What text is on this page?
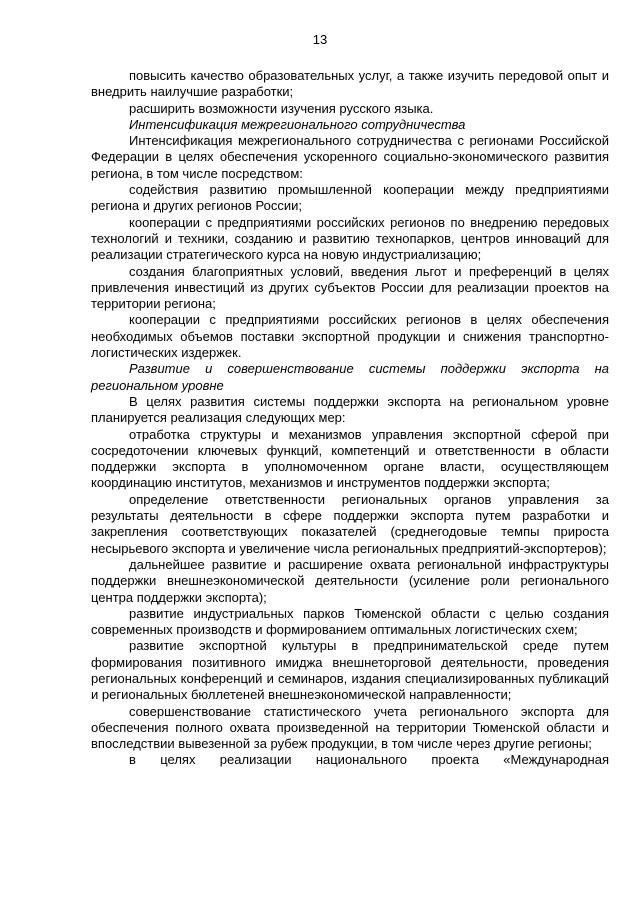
13

повысить качество образовательных услуг, а также изучить передовой опыт и внедрить наилучшие разработки;

расширить возможности изучения русского языка.

Интенсификация межрегионального сотрудничества

Интенсификация межрегионального сотрудничества с регионами Российской Федерации в целях обеспечения ускоренного социально-экономического развития региона, в том числе посредством:

содействия развитию промышленной кооперации между предприятиями региона и других регионов России;

кооперации с предприятиями российских регионов по внедрению передовых технологий и техники, созданию и развитию технопарков, центров инноваций для реализации стратегического курса на новую индустриализацию;

создания благоприятных условий, введения льгот и преференций в целях привлечения инвестиций из других субъектов России для реализации проектов на территории региона;

кооперации с предприятиями российских регионов в целях обеспечения необходимых объемов поставки экспортной продукции и снижения транспортно-логистических издержек.

Развитие и совершенствование системы поддержки экспорта на региональном уровне

В целях развития системы поддержки экспорта на региональном уровне планируется реализация следующих мер:

отработка структуры и механизмов управления экспортной сферой при сосредоточении ключевых функций, компетенций и ответственности в области поддержки экспорта в уполномоченном органе власти, осуществляющем координацию институтов, механизмов и инструментов поддержки экспорта;

определение ответственности региональных органов управления за результаты деятельности в сфере поддержки экспорта путем разработки и закрепления соответствующих показателей (среднегодовые темпы прироста несырьевого экспорта и увеличение числа региональных предприятий-экспортеров);

дальнейшее развитие и расширение охвата региональной инфраструктуры поддержки внешнеэкономической деятельности (усиление роли регионального центра поддержки экспорта);

развитие индустриальных парков Тюменской области с целью создания современных производств и формированием оптимальных логистических схем;

развитие экспортной культуры в предпринимательской среде путем формирования позитивного имиджа внешнеторговой деятельности, проведения региональных конференций и семинаров, издания специализированных публикаций и региональных бюллетеней внешнеэкономической направленности;

совершенствование статистического учета регионального экспорта для обеспечения полного охвата произведенной на территории Тюменской области и впоследствии вывезенной за рубеж продукции, в том числе через другие регионы;

в целях реализации национального проекта «Международная
